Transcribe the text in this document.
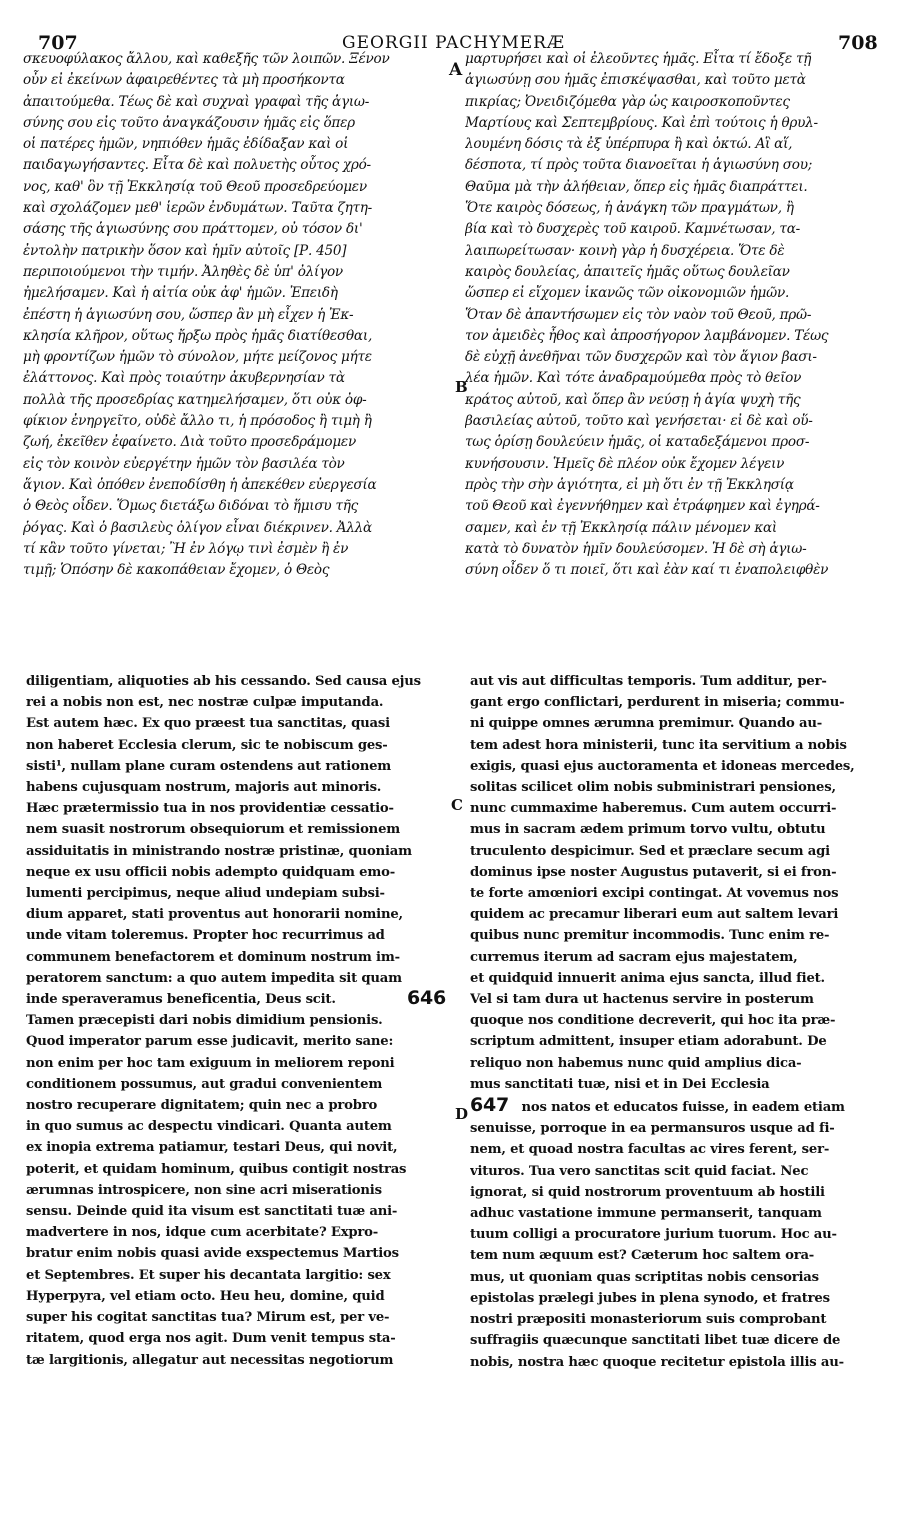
707	GEORGII PACHYMERÆ	708
A
B
C
D
σκευοφύλακος ἄλλου, καὶ καθεξῆς τῶν λοιπῶν. Ξένον
οὖν εἰ ἐκείνων ἀφαιρεθέντες τὰ μὴ προσήκοντα
ἀπαιτούμεθα. Τέως δὲ καὶ συχναὶ γραφαὶ τῆς ἁγιω-
σύνης σου εἰς τοῦτο ἀναγκάζουσιν ἡμᾶς εἰς ὅπερ
οἱ πατέρες ἡμῶν, νηπιόθεν ἡμᾶς ἐδίδαξαν καὶ οἱ
παιδαγωγήσαντες. Εἶτα δὲ καὶ πολυετὴς οὗτος χρό-
νος, καθ' ὃν τῇ Ἐκκλησίᾳ τοῦ Θεοῦ προσεδρεύομεν
καὶ σχολάζομεν μεθ' ἱερῶν ἐνδυμάτων. Ταῦτα ζητη-
σάσης τῆς ἁγιωσύνης σου πράττομεν, οὐ τόσον δι'
ἐντολὴν πατρικὴν ὅσον καὶ ἡμῖν αὐτοῖς [Ρ. 450]
περιποιούμενοι τὴν τιμήν. Ἀληθὲς δὲ ὑπ' ὀλίγον
ἠμελήσαμεν. Καὶ ἡ αἰτία οὐκ ἀφ' ἡμῶν. Ἐπειδὴ
ἐπέστη ἡ ἁγιωσύνη σου, ὥσπερ ἂν μὴ εἶχεν ἡ Ἐκ-
κλησία κλῆρον, οὕτως ἤρξω πρὸς ἡμᾶς διατίθεσθαι,
μὴ φροντίζων ἡμῶν τὸ σύνολον, μήτε μείζονος μήτε
ἐλάττονος. Καὶ πρὸς τοιαύτην ἀκυβερνησίαν τὰ
πολλὰ τῆς προσεδρίας κατημελήσαμεν, ὅτι οὐκ ὀφ-
φίκιον ἐνηργεῖτο, οὐδὲ ἄλλο τι, ἡ πρόσοδος ἢ τιμὴ ἢ
ζωή, ἐκεῖθεν ἐφαίνετο. Διὰ τοῦτο προσεδράμομεν
εἰς τὸν κοινὸν εὐεργέτην ἡμῶν τὸν βασιλέα τὸν
ἅγιον. Καὶ ὁπόθεν ἐνεποδίσθη ἡ ἀπεκέθεν εὐεργεσία
ὁ Θεὸς οἶδεν. Ὅμως διετάξω διδόναι τὸ ἥμισυ τῆς
ῥόγας. Καὶ ὁ βασιλεὺς ὀλίγον εἶναι διέκρινεν. Ἀλλὰ
τί κἂν τοῦτο γίνεται; Ἢ ἐν λόγῳ τινὶ ἐσμὲν ἢ ἐν
τιμῇ; Ὁπόσην δὲ κακοπάθειαν ἔχομεν, ὁ Θεὸς
μαρτυρήσει καὶ οἱ ἐλεοῦντες ἡμᾶς. Εἶτα τί ἔδοξε τῇ
ἁγιωσύνῃ σου ἡμᾶς ἐπισκέψασθαι, καὶ τοῦτο μετὰ
πικρίας; Ὀνειδιζόμεθα γὰρ ὡς καιροσκοποῦντες
Μαρτίους καὶ Σεπτεμβρίους. Καὶ ἐπὶ τούτοις ἡ θρυλ-
λουμένη δόσις τὰ ἐξ ὑπέρπυρα ἢ καὶ ὀκτώ. Αἳ αἵ,
δέσποτα, τί πρὸς τοῦτα διανοεῖται ἡ ἁγιωσύνη σου;
Θαῦμα μὰ τὴν ἀλήθειαν, ὅπερ εἰς ἡμᾶς διαπράττει.
Ὅτε καιρὸς δόσεως, ἡ ἀνάγκη τῶν πραγμάτων, ἢ
βία καὶ τὸ δυσχερὲς τοῦ καιροῦ. Καμνέτωσαν, τα-
λαιπωρείτωσαν· κοινὴ γὰρ ἡ δυσχέρεια. Ὅτε δὲ
καιρὸς δουλείας, ἀπαιτεῖς ἡμᾶς οὕτως δουλεῖαν
ὥσπερ εἰ εἴχομεν ἱκανῶς τῶν οἰκονομιῶν ἡμῶν.
Ὅταν δὲ ἀπαντήσωμεν εἰς τὸν ναὸν τοῦ Θεοῦ, πρῶ-
τον ἀμειδὲς ἦθος καὶ ἀπροσήγορον λαμβάνομεν. Τέως
δὲ εὐχῇ ἀνεθῆναι τῶν δυσχερῶν καὶ τὸν ἅγιον βασι-
λέα ἡμῶν. Καὶ τότε ἀναδραμούμεθα πρὸς τὸ θεῖον
κράτος αὐτοῦ, καὶ ὅπερ ἂν νεύσῃ ἡ ἁγία ψυχὴ τῆς
βασιλείας αὐτοῦ, τοῦτο καὶ γενήσεται· εἰ δὲ καὶ οὕ-
τως ὁρίσῃ δουλεύειν ἡμᾶς, οἱ καταδεξάμενοι προσ-
κυνήσουσιν. Ἡμεῖς δὲ πλέον οὐκ ἔχομεν λέγειν
πρὸς τὴν σὴν ἁγιότητα, εἰ μὴ ὅτι ἐν τῇ Ἐκκλησίᾳ
τοῦ Θεοῦ καὶ ἐγεννήθημεν καὶ ἐτράφημεν καὶ ἐγηρά-
σαμεν, καὶ ἐν τῇ Ἐκκλησίᾳ πάλιν μένομεν καὶ
κατὰ τὸ δυνατὸν ἡμῖν δουλεύσομεν. Ἡ δὲ σὴ ἁγιω-
σύνη οἶδεν ὅ τι ποιεῖ, ὅτι καὶ ἐὰν καί τι ἐναπολειφθὲν
diligentiam, aliquoties ab his cessando. Sed causa ejus
rei a nobis non est, nec nostræ culpæ imputanda.
Est autem hæc. Ex quo præest tua sanctitas, quasi
non haberet Ecclesia clerum, sic te nobiscum ges-
sisti¹, nullam plane curam ostendens aut rationem
habens cujusquam nostrum, majoris aut minoris.
Hæc prætermissio tua in nos providentiæ cessatio-
nem suasit nostrorum obsequiorum et remissionem
assiduitatis in ministrando nostræ pristinæ, quoniam
neque ex usu officii nobis adempto quidquam emo-
lumenti percipimus, neque aliud undepiam subsi-
dium apparet, stati proventus aut honorarii nomine,
unde vitam toleremus. Propter hoc recurrimus ad
communem benefactorem et dominum nostrum im-
peratorem sanctum: a quo autem impedita sit quam
inde speraveramus beneficentia, Deus scit.	646
Tamen præcepisti dari nobis dimidium pensionis.
Quod imperator parum esse judicavit, merito sane:
non enim per hoc tam exiguum in meliorem reponi
conditionem possumus, aut gradui convenientem
nostro recuperare dignitatem; quin nec a probro
in quo sumus ac despectu vindicari. Quanta autem
ex inopia extrema patiamur, testari Deus, qui novit,
poterit, et quidam hominum, quibus contigit nostras
ærumnas introspicere, non sine acri miserationis
sensu. Deinde quid ita visum est sanctitati tuæ ani-
madvertere in nos, idque cum acerbitate? Expro-
bratur enim nobis quasi avide exspectemus Martios
et Septembres. Et super his decantata largitio: sex
Hyperpyra, vel etiam octo. Heu heu, domine, quid
super his cogitat sanctitas tua? Mirum est, per ve-
ritatem, quod erga nos agit. Dum venit tempus sta-
tæ largitionis, allegatur aut necessitas negotiorum
aut vis aut difficultas temporis. Tum additur, per-
gant ergo conflictari, perdurent in miseria; commu-
ni quippe omnes ærumna premimur. Quando au-
tem adest hora ministerii, tunc ita servitium a nobis
exigis, quasi ejus auctoramenta et idoneas mercedes,
solitas scilicet olim nobis subministrari pensiones,
nunc cummaxime haberemus. Cum autem occurri-
mus in sacram ædem primum torvo vultu, obtutu
truculento despicimur. Sed et præclare secum agi
dominus ipse noster Augustus putaverit, si ei fron-
te forte amœniori excipi contingat. At vovemus nos
quidem ac precamur liberari eum aut saltem levari
quibus nunc premitur incommodis. Tunc enim re-
curremus iterum ad sacram ejus majestatem,
et quidquid innuerit anima ejus sancta, illud fiet.
Vel si tam dura ut hactenus servire in posterum
quoque nos conditione decreverit, qui hoc ita præ-
scriptum admittent, insuper etiam adorabunt. De
reliquo non habemus nunc quid amplius dicа-
mus sanctitati tuæ, nisi et in Dei Ecclesia
647 nos natos et educatos fuisse, in eadem etiam
senuisse, porroque in ea permansuros usque ad fi-
nem, et quoad nostra facultas ac vires ferent, ser-
vituros. Tua vero sanctitas scit quid faciat. Nec
ignorat, si quid nostrorum proventuum ab hostili
adhuc vastatione immune permanserit, tanquam
tuum colligi a procuratore jurium tuorum. Hoc au-
tem num æquum est? Cæterum hoc saltem ora-
mus, ut quoniam quas scriptitas nobis censorias
epistolas prælegi jubes in plena synodo, et fratres
nostri præpositi monasteriorum suis comprobant
suffragiis quæcunque sanctitati libet tuæ dicere de
nobis, nostra hæc quoque recitetur epistola illis au-
